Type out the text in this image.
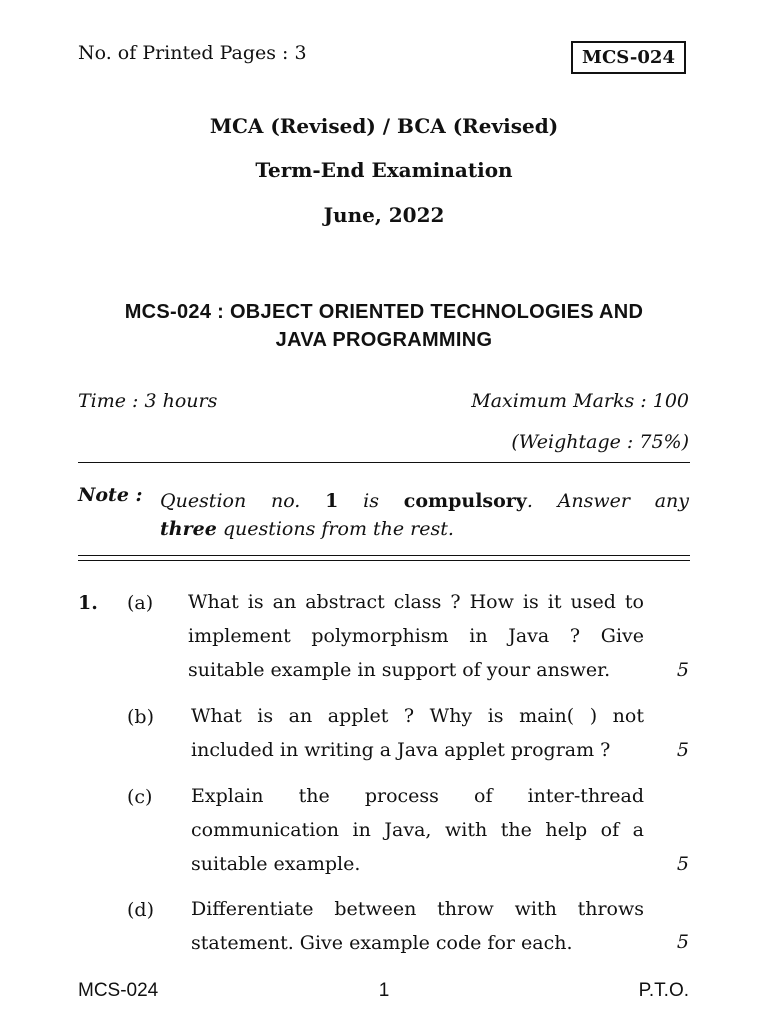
No. of Printed Pages : 3	MCS-024
MCA (Revised) / BCA (Revised)
Term-End Examination
June, 2022
MCS-024 : OBJECT ORIENTED TECHNOLOGIES AND
JAVA PROGRAMMING
Time : 3 hours	Maximum Marks : 100
(Weightage : 75%)
Note : Question no. 1 is compulsory. Answer any
three questions from the rest.
1. (a) What is an abstract class ? How is it used to
implement polymorphism in Java ? Give
suitable example in support of your answer.	5
(b) What is an applet ? Why is main( ) not
included in writing a Java applet program ?	5
(c) Explain the process of inter-thread
communication in Java, with the help of a
suitable example.	5
(d) Differentiate between throw with throws
statement. Give example code for each.	5
MCS-024	1	P.T.O.
